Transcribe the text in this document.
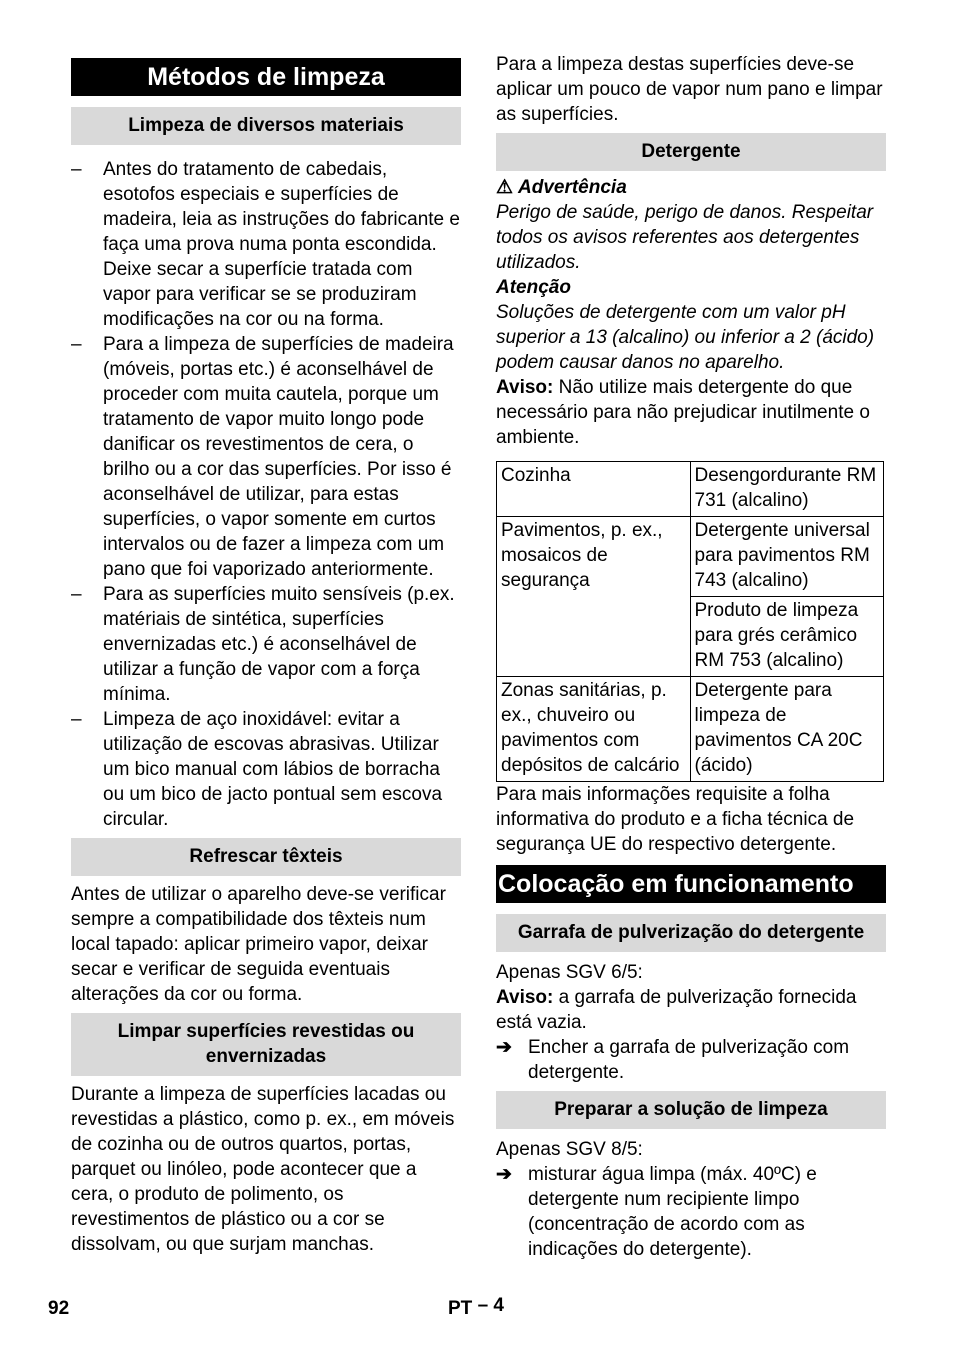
Métodos de limpeza
Limpeza de diversos materiais
–	Antes do tratamento de cabedais, esotofos especiais e superfícies de madeira, leia as instruções do fabricante e faça uma prova numa ponta escondida. Deixe secar a superfície tratada com vapor para verificar se se produziram modificações na cor ou na forma.
–	Para a limpeza de superfícies de madeira (móveis, portas etc.) é aconselhável de proceder com muita cautela, porque um tratamento de vapor muito longo pode danificar os revestimentos de cera, o brilho ou a cor das superfícies. Por isso é aconselhável de utilizar, para estas superfícies, o vapor somente em curtos intervalos ou de fazer a limpeza com um pano que foi vaporizado anteriormente.
–	Para as superfícies muito sensíveis (p.ex. matériais de sintética, superfícies envernizadas etc.) é aconselhável de utilizar a função de vapor com a força mínima.
–	Limpeza de aço inoxidável: evitar a utilização de escovas abrasivas. Utilizar um bico manual com lábios de borracha ou um bico de jacto pontual sem escova circular.
Refrescar têxteis

Antes de utilizar o aparelho deve-se verificar sempre a compatibilidade dos têxteis num local tapado: aplicar primeiro vapor, deixar secar e verificar de seguida eventuais alterações da cor ou forma.

Limpar superfícies revestidas ou envernizadas

Durante a limpeza de superfícies lacadas ou revestidas a plástico, como p. ex., em móveis de cozinha ou de outros quartos, portas, parquet ou linóleo, pode acontecer que a cera, o produto de polimento, os revestimentos de plástico ou a cor se dissolvam, ou que surjam manchas.

Para a limpeza destas superfícies deve-se aplicar um pouco de vapor num pano e limpar as superfícies.

Detergente

⚠ Advertência

Perigo de saúde, perigo de danos. Respeitar todos os avisos referentes aos detergentes utilizados.

Atenção

Soluções de detergente com um valor pH superior a 13 (alcalino) ou inferior a 2 (ácido) podem causar danos no aparelho.

Aviso: Não utilize mais detergente do que necessário para não prejudicar inutilmente o ambiente.

Cozinha	Desengordurante RM 731 (alcalino)
Pavimentos, p. ex., mosaicos de segurança	Detergente universal para pavimentos RM 743 (alcalino)
	Produto de limpeza para grés cerâmico RM 753 (alcalino)
Zonas sanitárias, p. ex., chuveiro ou pavimentos com depósitos de calcário	Detergente para limpeza de pavimentos CA 20C (ácido)

Para mais informações requisite a folha informativa do produto e a ficha técnica de segurança UE do respectivo detergente.

Colocação em funcionamento
Garrafa de pulverização do detergente

Apenas SGV 6/5:

Aviso: a garrafa de pulverização fornecida está vazia.

➔ Encher a garrafa de pulverização com detergente.
Preparar a solução de limpeza

Apenas SGV 8/5:

➔ misturar água limpa (máx. 40ºC) e detergente num recipiente limpo (concentração de acordo com as indicações do detergente).
92	PT – 4
